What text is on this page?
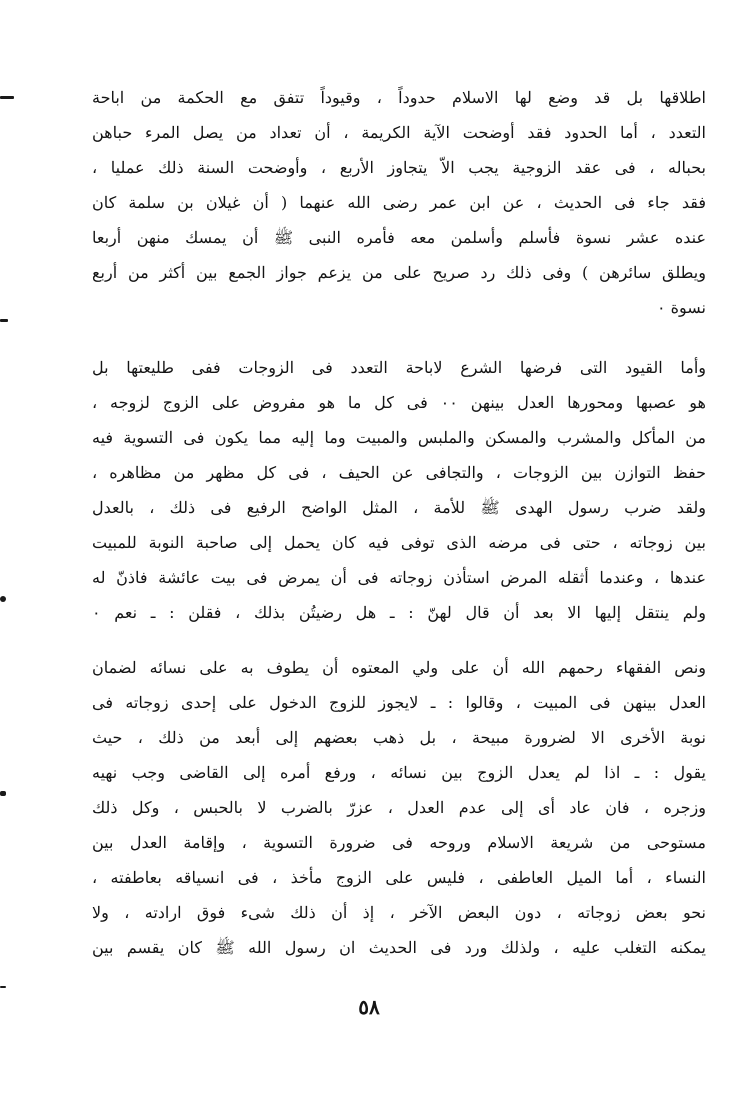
اطلاقها بل قد وضع لها الاسلام حدوداً ، وقيوداً تتفق مع الحكمة من اباحة
التعدد ، أما الحدود فقد أوضحت الآية الكريمة ، أن تعداد من يصل المرء حباهن
بحباله ، فى عقد الزوجية يجب الاّ يتجاوز الأربع ، وأوضحت السنة ذلك عمليا ،
فقد جاء فى الحديث ، عن ابن عمر رضى الله عنهما ( أن غيلان بن سلمة كان
عنده عشر نسوة فأسلم وأسلمن معه فأمره النبى ﷺ أن يمسك منهن أربعا
ويطلق سائرهن ) وفى ذلك رد صريح على من يزعم جواز الجمع بين أكثر من أربع
نسوة ٠
وأما القيود التى فرضها الشرع لاباحة التعدد فى الزوجات ففى طليعتها بل
هو عصبها ومحورها العدل بينهن ٠٠ فى كل ما هو مفروض على الزوج لزوجه ،
من المأكل والمشرب والمسكن والملبس والمبيت وما إليه مما يكون فى التسوية فيه
حفظ التوازن بين الزوجات ، والتجافى عن الحيف ، فى كل مظهر من مظاهره ،
ولقد ضرب رسول الهدى ﷺ للأمة ، المثل الواضح الرفيع فى ذلك ، بالعدل
بين زوجاته ، حتى فى مرضه الذى توفى فيه كان يحمل إلى صاحبة النوبة للمبيت
عندها ، وعندما أثقله المرض استأذن زوجاته فى أن يمرض فى بيت عائشة فاذنّ له
ولم ينتقل إليها الا بعد أن قال لهنّ : ـ هل رضيتُن بذلك ، فقلن : ـ نعم ٠
ونص الفقهاء رحمهم الله أن على ولي المعتوه أن يطوف به على نسائه لضمان
العدل بينهن فى المبيت ، وقالوا : ـ لايجوز للزوج الدخول على إحدى زوجاته فى
نوبة الأخرى الا لضرورة مبيحة ، بل ذهب بعضهم إلى أبعد من ذلك ، حيث
يقول : ـ اذا لم يعدل الزوج بين نسائه ، ورفع أمره إلى القاضى وجب نهيه
وزجره ، فان عاد أى إلى عدم العدل ، عزرّ بالضرب لا بالحبس ، وكل ذلك
مستوحى من شريعة الاسلام وروحه فى ضرورة التسوية ، وإقامة العدل بين
النساء ، أما الميل العاطفى ، فليس على الزوج مأخذ ، فى انسياقه بعاطفته ،
نحو بعض زوجاته ، دون البعض الآخر ، إذ أن ذلك شىء فوق ارادته ، ولا
يمكنه التغلب عليه ، ولذلك ورد فى الحديث ان رسول الله ﷺ كان يقسم بين
٥٨
